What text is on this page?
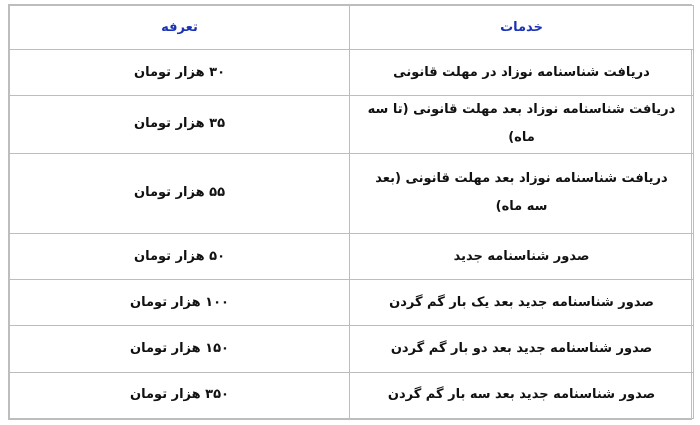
خدمات	تعرفه
دریافت شناسنامه نوزاد در مهلت قانونی	۳۰ هزار تومان
دریافت شناسنامه نوزاد بعد مهلت قانونی (تا سه ماه)	۳۵ هزار تومان
دریافت شناسنامه نوزاد بعد مهلت قانونی (بعد سه ماه)	۵۵ هزار تومان
صدور شناسنامه جدید	۵۰ هزار تومان
صدور شناسنامه جدید بعد یک بار گم گردن	۱۰۰ هزار تومان
صدور شناسنامه جدید بعد دو بار گم گردن	۱۵۰ هزار تومان
صدور شناسنامه جدید بعد سه بار گم گردن	۳۵۰ هزار تومان
